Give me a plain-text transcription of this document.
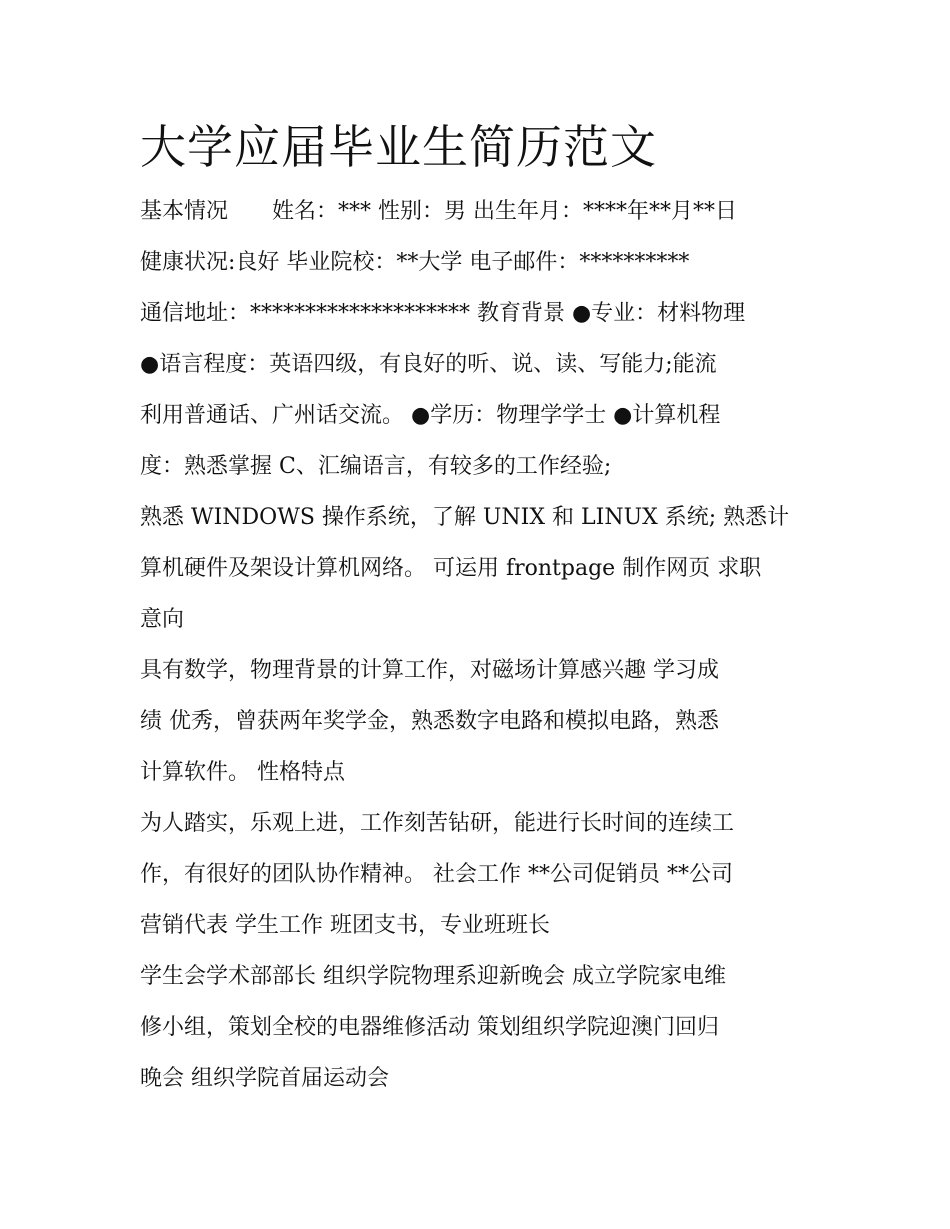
大学应届毕业生简历范文
基本情况　　姓名：*** 性别：男 出生年月：****年**月**日
健康状况:良好 毕业院校：**大学 电子邮件：**********
通信地址：******************** 教育背景 ●专业：材料物理
●语言程度：英语四级，有良好的听、说、读、写能力;能流
利用普通话、广州话交流。 ●学历：物理学学士 ●计算机程
度：熟悉掌握 C、汇编语言，有较多的工作经验;
熟悉 WINDOWS 操作系统，了解 UNIX 和 LINUX 系统; 熟悉计
算机硬件及架设计算机网络。 可运用 frontpage 制作网页 求职
意向
具有数学，物理背景的计算工作，对磁场计算感兴趣 学习成
绩 优秀，曾获两年奖学金，熟悉数字电路和模拟电路，熟悉
计算软件。 性格特点
为人踏实，乐观上进，工作刻苦钻研，能进行长时间的连续工
作，有很好的团队协作精神。 社会工作 **公司促销员 **公司
营销代表 学生工作 班团支书，专业班班长
学生会学术部部长 组织学院物理系迎新晚会 成立学院家电维
修小组，策划全校的电器维修活动 策划组织学院迎澳门回归
晚会 组织学院首届运动会
